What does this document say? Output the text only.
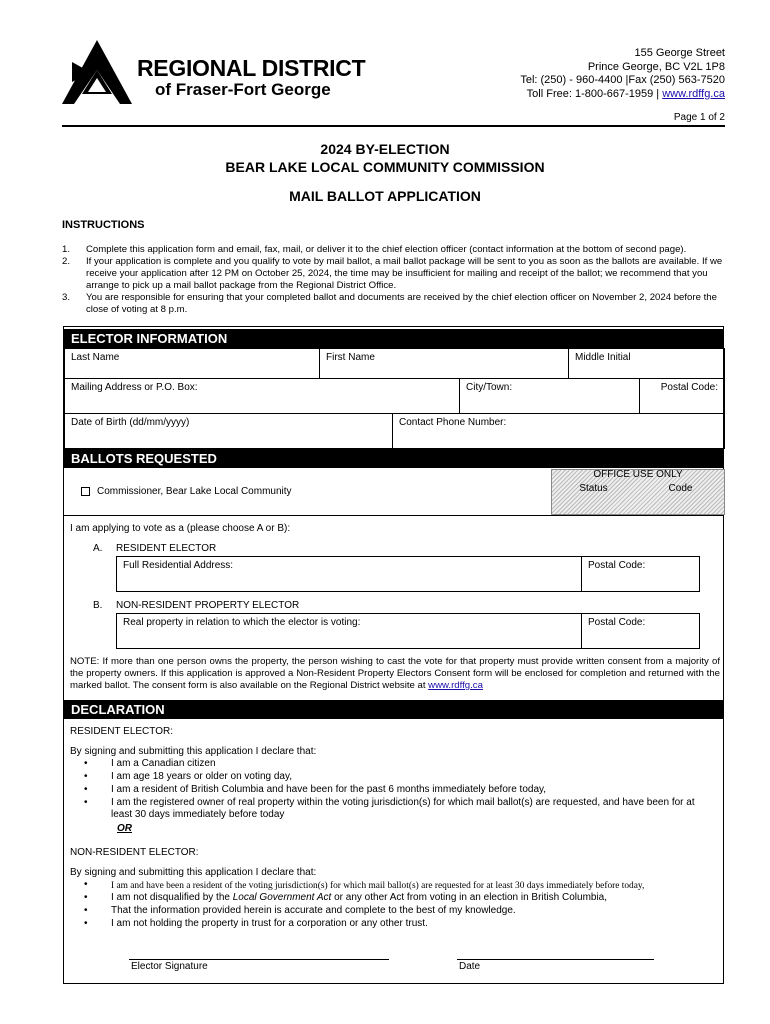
REGIONAL DISTRICT
of Fraser-Fort George
155 George Street
Prince George, BC V2L 1P8
Tel: (250) - 960-4400 |Fax (250) 563-7520
Toll Free: 1-800-667-1959 | www.rdffg.ca
Page 1 of 2
2024 BY-ELECTION
BEAR LAKE LOCAL COMMUNITY COMMISSION
MAIL BALLOT APPLICATION
INSTRUCTIONS
1.	Complete this application form and email, fax, mail, or deliver it to the chief election officer (contact information at the bottom of second page).
2.	If your application is complete and you qualify to vote by mail ballot, a mail ballot package will be sent to you as soon as the ballots are available. If we receive your application after 12 PM on October 25, 2024, the time may be insufficient for mailing and receipt of the ballot; we recommend that you arrange to pick up a mail ballot package from the Regional District Office.
3.	You are responsible for ensuring that your completed ballot and documents are received by the chief election officer on November 2, 2024 before the close of voting at 8 p.m.
ELECTOR INFORMATION
Last Name	First Name	Middle Initial
Mailing Address or P.O. Box:	City/Town:	Postal Code:
Date of Birth (dd/mm/yyyy)	Contact Phone Number:
BALLOTS REQUESTED
OFFICE USE ONLY
Status	Code
Commissioner, Bear Lake Local Community
I am applying to vote as a (please choose A or B):
A. RESIDENT ELECTOR
Full Residential Address:	Postal Code:
B. NON-RESIDENT PROPERTY ELECTOR
Real property in relation to which the elector is voting:	Postal Code:
NOTE: If more than one person owns the property, the person wishing to cast the vote for that property must provide written consent from a majority of the property owners. If this application is approved a Non-Resident Property Electors Consent form will be enclosed for completion and returned with the marked ballot. The consent form is also available on the Regional District website at www.rdffg.ca
DECLARATION
RESIDENT ELECTOR:
By signing and submitting this application I declare that:
• I am a Canadian citizen
• I am age 18 years or older on voting day,
• I am a resident of British Columbia and have been for the past 6 months immediately before today,
• I am the registered owner of real property within the voting jurisdiction(s) for which mail ballot(s) are requested, and have been for at least 30 days immediately before today
OR
NON-RESIDENT ELECTOR:
By signing and submitting this application I declare that:
• I am and have been a resident of the voting jurisdiction(s) for which mail ballot(s) are requested for at least 30 days immediately before today,
• I am not disqualified by the Local Government Act or any other Act from voting in an election in British Columbia,
• That the information provided herein is accurate and complete to the best of my knowledge.
• I am not holding the property in trust for a corporation or any other trust.
Elector Signature	Date
